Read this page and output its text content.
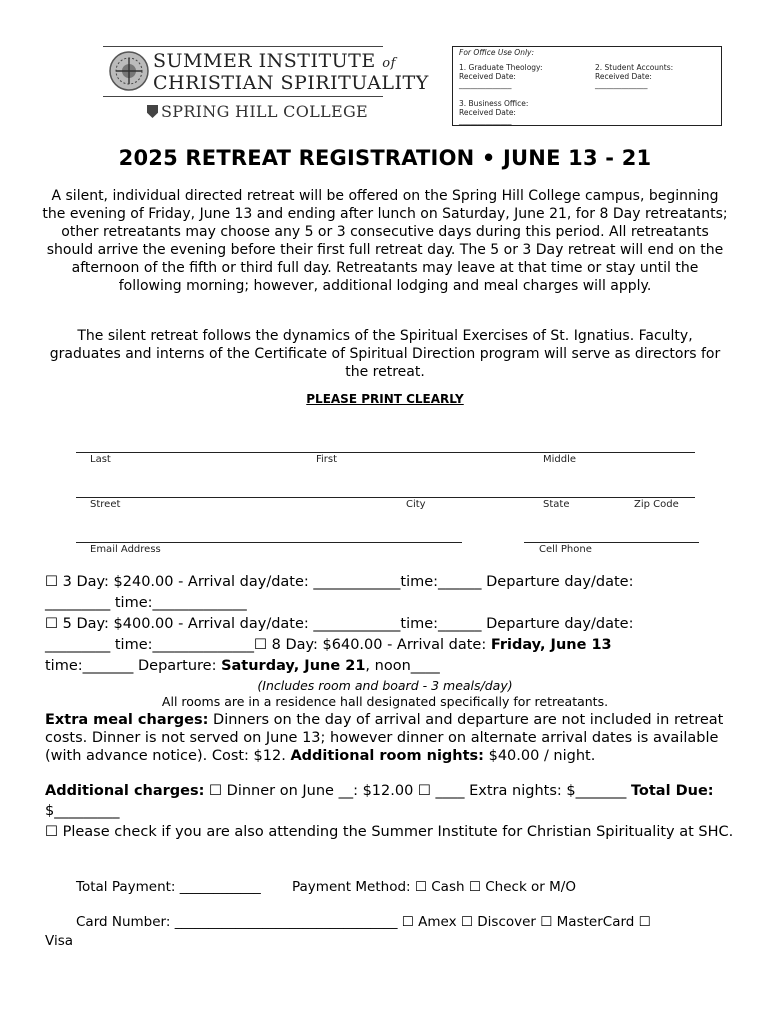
SUMMER INSTITUTE of
CHRISTIAN SPIRITUALITY
SPRING HILL COLLEGE
For Office Use Only:
1. Graduate Theology:
Received Date:
______________
2. Student Accounts:
Received Date:
______________
3. Business Office:
Received Date:
______________
2025 RETREAT REGISTRATION • JUNE 13 - 21

A silent, individual directed retreat will be offered on the Spring Hill College campus, beginning the evening of Friday, June 13 and ending after lunch on Saturday, June 21, for 8 Day retreatants; other retreatants may choose any 5 or 3 consecutive days during this period. All retreatants should arrive the evening before their first full retreat day. The 5 or 3 Day retreat will end on the afternoon of the fifth or third full day. Retreatants may leave at that time or stay until the following morning; however, additional lodging and meal charges will apply.

The silent retreat follows the dynamics of the Spiritual Exercises of St. Ignatius. Faculty, graduates and interns of the Certificate of Spiritual Direction program will serve as directors for the retreat.

PLEASE PRINT CLEARLY
Last	First	Middle
Street	City	State	Zip Code
Email Address	Cell Phone
☐ 3 Day: $240.00 - Arrival day/date: ____________time:______ Departure day/date:
_________ time:_____________
☐ 5 Day: $400.00 - Arrival day/date: ____________time:______ Departure day/date:
_________ time:______________☐ 8 Day: $640.00 - Arrival date: Friday, June 13
time:_______ Departure: Saturday, June 21, noon____
(Includes room and board - 3 meals/day)
All rooms are in a residence hall designated specifically for retreatants.
Extra meal charges: Dinners on the day of arrival and departure are not included in retreat costs. Dinner is not served on June 13; however dinner on alternate arrival dates is available (with advance notice). Cost: $12. Additional room nights: $40.00 / night.
Additional charges: ☐ Dinner on June __: $12.00 ☐ ____ Extra nights: $_______ Total Due: $_________
☐ Please check if you are also attending the Summer Institute for Christian Spirituality at SHC.
Total Payment: ____________ Payment Method: ☐ Cash ☐ Check or M/O
Card Number: _________________________________ ☐ Amex ☐ Discover ☐ MasterCard ☐
Visa
